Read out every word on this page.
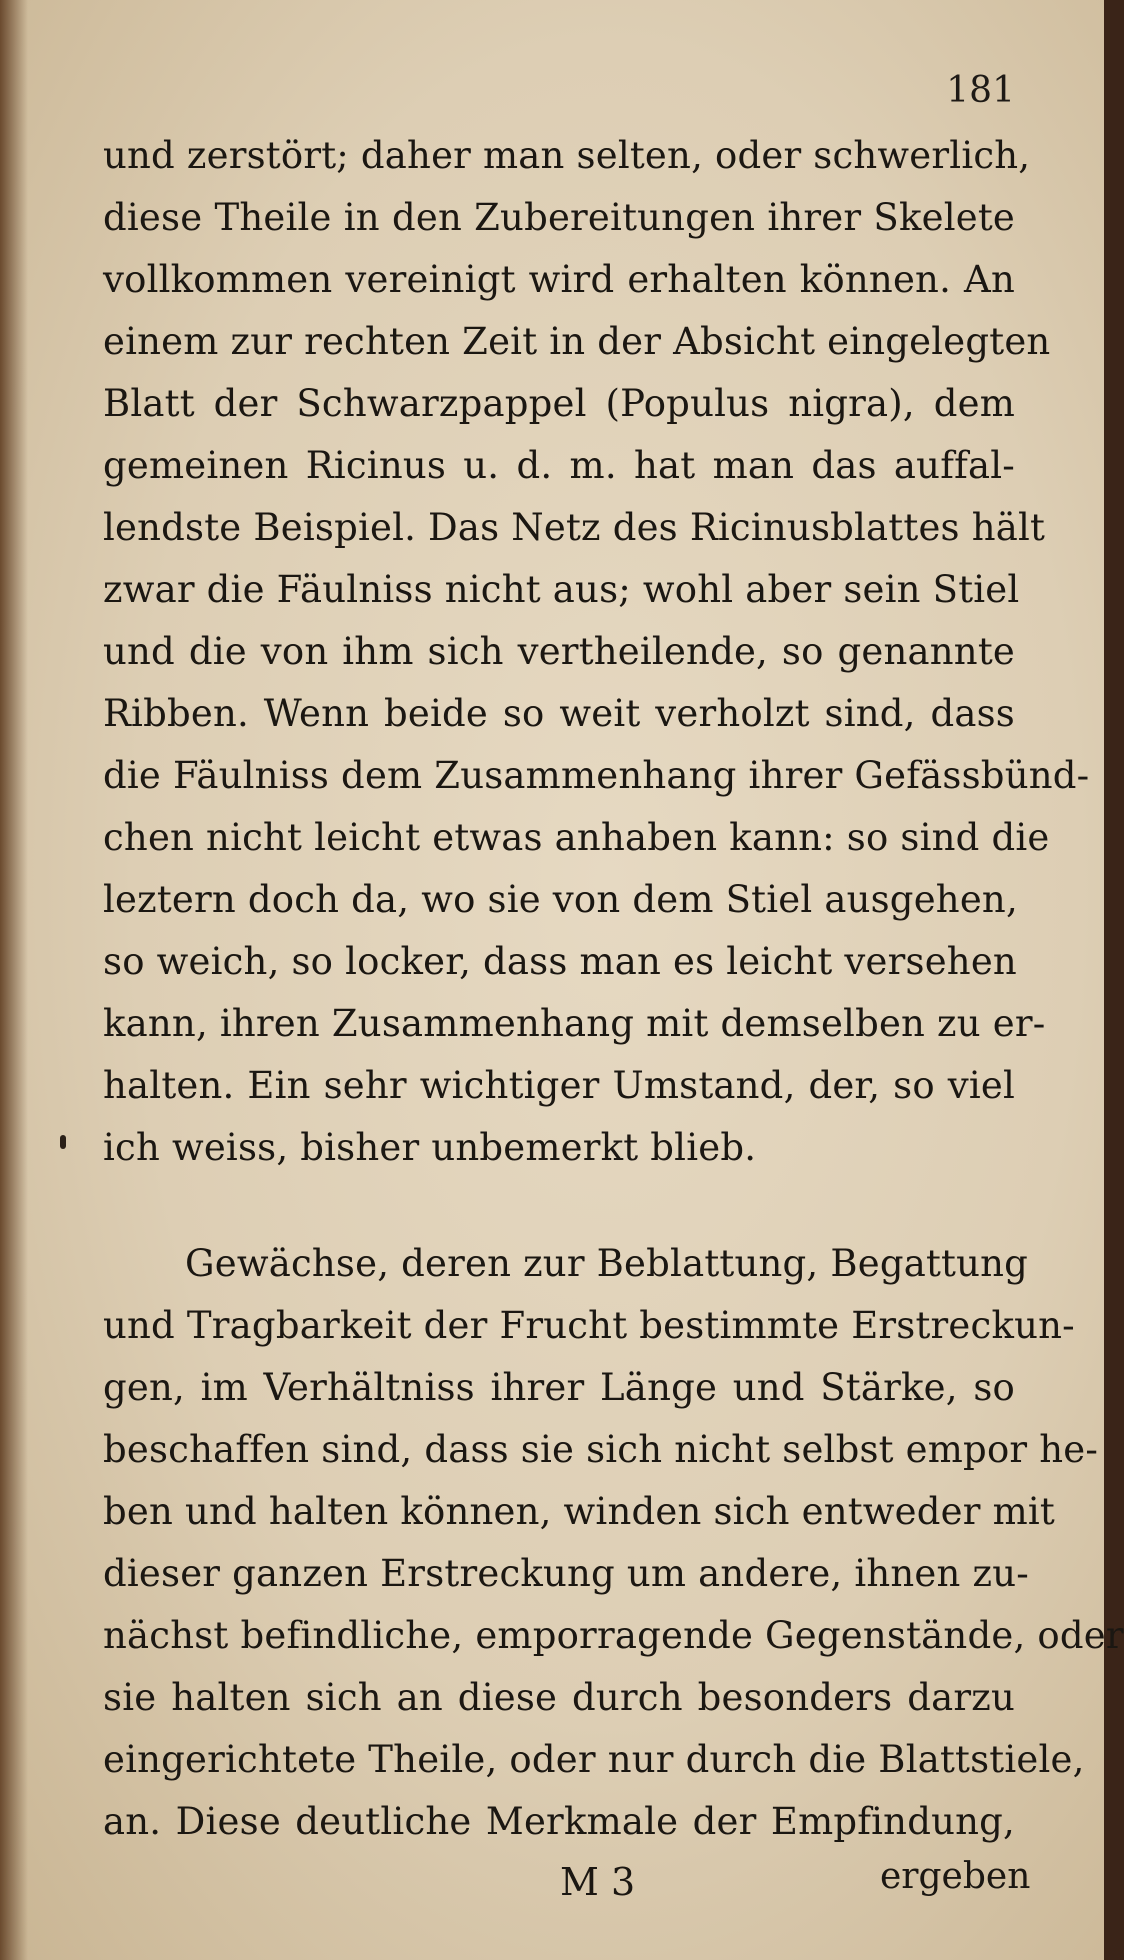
181
und zerstört; daher man selten, oder schwerlich,
diese Theile in den Zubereitungen ihrer Skelete
vollkommen vereinigt wird erhalten können. An
einem zur rechten Zeit in der Absicht eingelegten
Blatt der Schwarzpappel (Populus nigra), dem
gemeinen Ricinus u. d. m. hat man das auffal-
lendste Beispiel. Das Netz des Ricinusblattes hält
zwar die Fäulniss nicht aus; wohl aber sein Stiel
und die von ihm sich vertheilende, so genannte
Ribben. Wenn beide so weit verholzt sind, dass
die Fäulniss dem Zusammenhang ihrer Gefässbünd-
chen nicht leicht etwas anhaben kann: so sind die
leztern doch da, wo sie von dem Stiel ausgehen,
so weich, so locker, dass man es leicht versehen
kann, ihren Zusammenhang mit demselben zu er-
halten. Ein sehr wichtiger Umstand, der, so viel
ich weiss, bisher unbemerkt blieb.
Gewächse, deren zur Beblattung, Begattung
und Tragbarkeit der Frucht bestimmte Erstreckun-
gen, im Verhältniss ihrer Länge und Stärke, so
beschaffen sind, dass sie sich nicht selbst empor he-
ben und halten können, winden sich entweder mit
dieser ganzen Erstreckung um andere, ihnen zu-
nächst befindliche, emporragende Gegenstände, oder
sie halten sich an diese durch besonders darzu
eingerichtete Theile, oder nur durch die Blattstiele,
an. Diese deutliche Merkmale der Empfindung,
M 3	ergeben
